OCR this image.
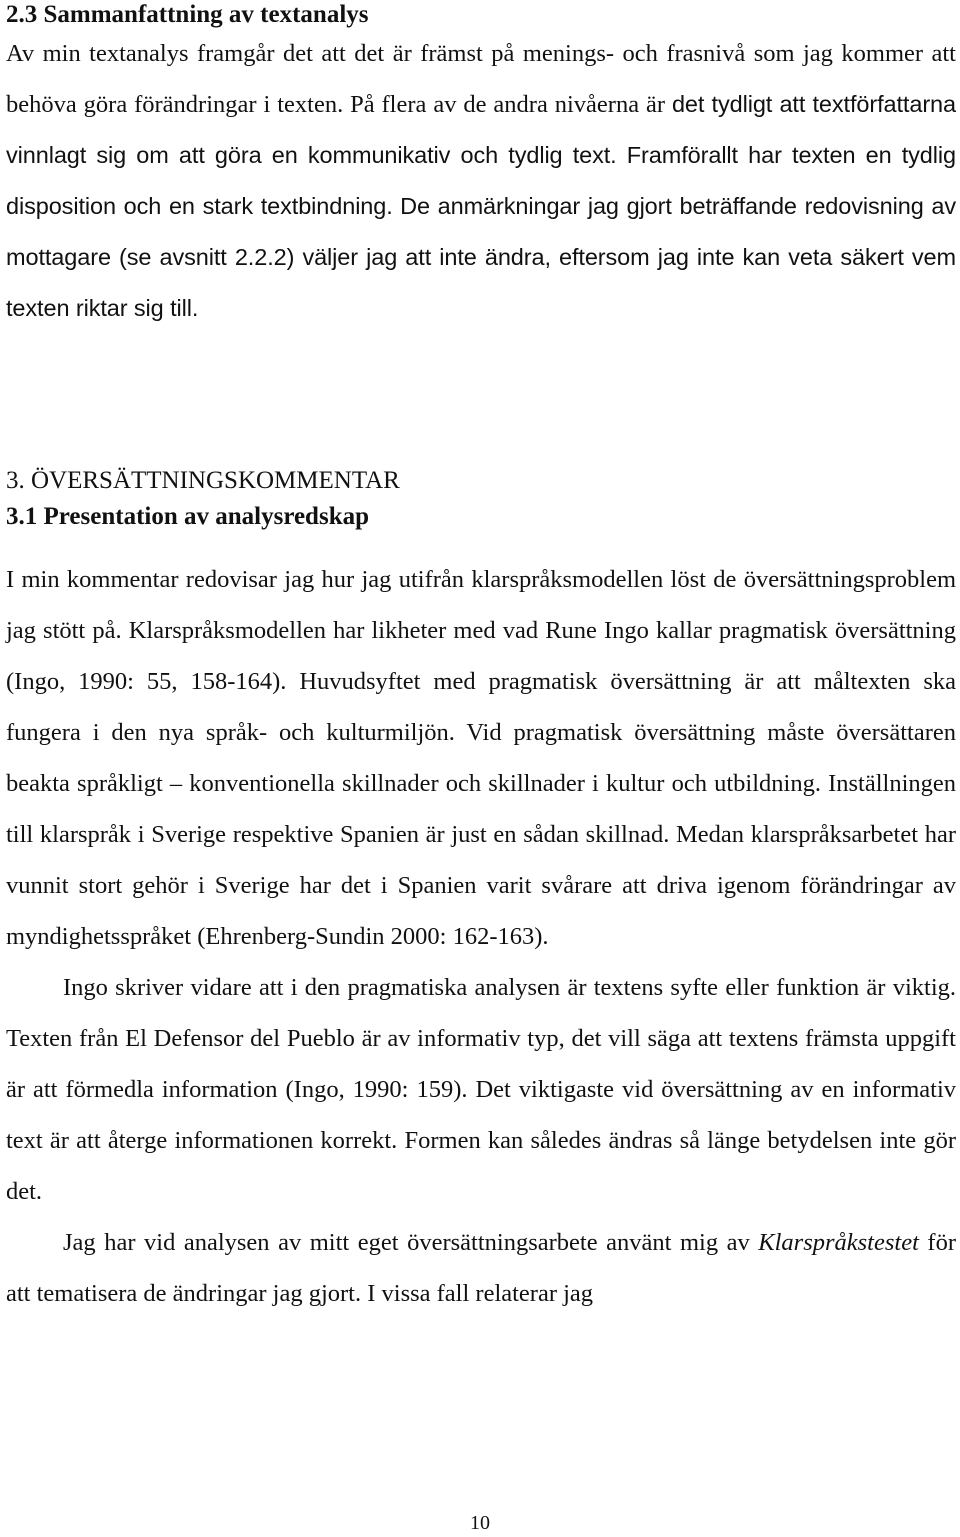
2.3 Sammanfattning av textanalys

Av min textanalys framgår det att det är främst på menings- och frasnivå som jag kommer att behöva göra förändringar i texten. På flera av de andra nivåerna är det tydligt att textförfattarna vinnlagt sig om att göra en kommunikativ och tydlig text. Framförallt har texten en tydlig disposition och en stark textbindning. De anmärkningar jag gjort beträffande redovisning av mottagare (se avsnitt 2.2.2) väljer jag att inte ändra, eftersom jag inte kan veta säkert vem texten riktar sig till.

3. ÖVERSÄTTNINGSKOMMENTAR
3.1 Presentation av analysredskap

I min kommentar redovisar jag hur jag utifrån klarspråksmodellen löst de översättningsproblem jag stött på. Klarspråksmodellen har likheter med vad Rune Ingo kallar pragmatisk översättning (Ingo, 1990: 55, 158-164). Huvudsyftet med pragmatisk översättning är att måltexten ska fungera i den nya språk- och kulturmiljön. Vid pragmatisk översättning måste översättaren beakta språkligt – konventionella skillnader och skillnader i kultur och utbildning. Inställningen till klarspråk i Sverige respektive Spanien är just en sådan skillnad. Medan klarspråksarbetet har vunnit stort gehör i Sverige har det i Spanien varit svårare att driva igenom förändringar av myndighetsspråket (Ehrenberg-Sundin 2000: 162-163).

Ingo skriver vidare att i den pragmatiska analysen är textens syfte eller funktion är viktig. Texten från El Defensor del Pueblo är av informativ typ, det vill säga att textens främsta uppgift är att förmedla information (Ingo, 1990: 159). Det viktigaste vid översättning av en informativ text är att återge informationen korrekt. Formen kan således ändras så länge betydelsen inte gör det.

Jag har vid analysen av mitt eget översättningsarbete använt mig av Klarspråkstestet för att tematisera de ändringar jag gjort. I vissa fall relaterar jag

10
